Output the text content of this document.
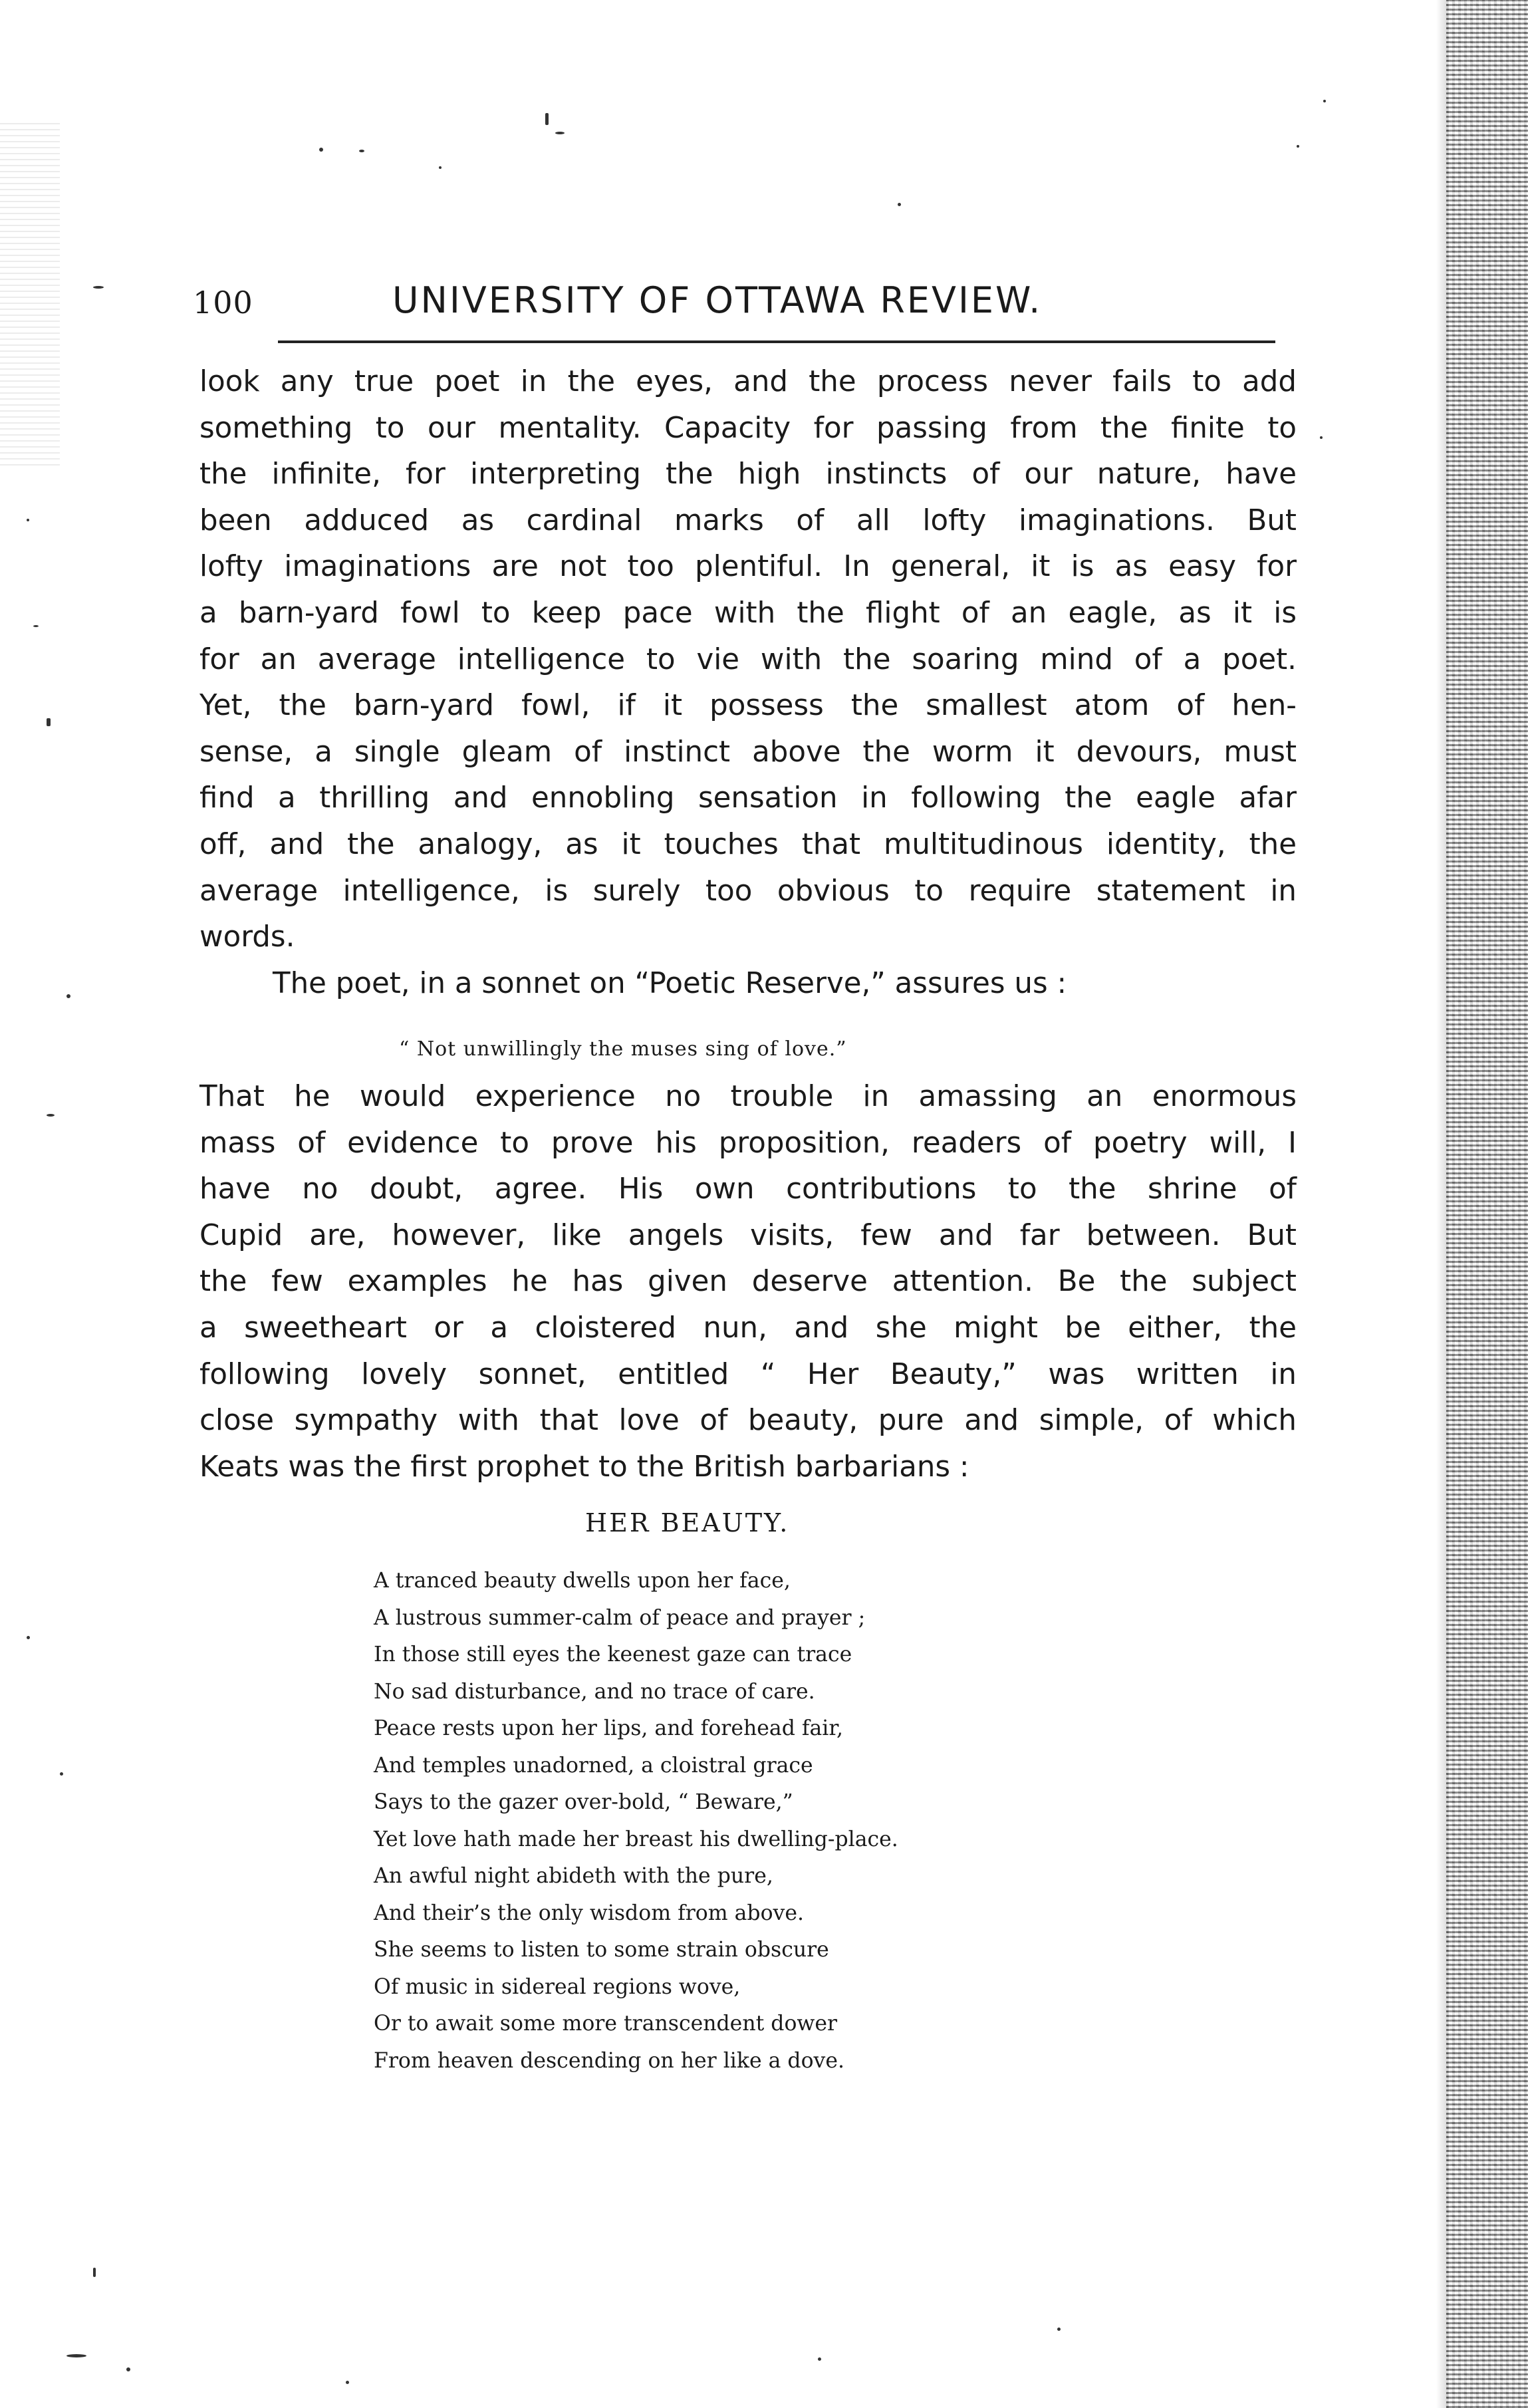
100	UNIVERSITY OF OTTAWA REVIEW.
look any true poet in the eyes, and the process never fails to add
something to our mentality. Capacity for passing from the finite to
the infinite, for interpreting the high instincts of our nature, have
been adduced as cardinal marks of all lofty imaginations. But
lofty imaginations are not too plentiful. In general, it is as easy for
a barn-yard fowl to keep pace with the flight of an eagle, as it is
for an average intelligence to vie with the soaring mind of a poet.
Yet, the barn-yard fowl, if it possess the smallest atom of hen-
sense, a single gleam of instinct above the worm it devours, must
find a thrilling and ennobling sensation in following the eagle afar
off, and the analogy, as it touches that multitudinous identity, the
average intelligence, is surely too obvious to require statement in
words.
The poet, in a sonnet on “Poetic Reserve,” assures us :
“ Not unwillingly the muses sing of love.”
That he would experience no trouble in amassing an enormous
mass of evidence to prove his proposition, readers of poetry will, I
have no doubt, agree. His own contributions to the shrine of
Cupid are, however, like angels visits, few and far between. But
the few examples he has given deserve attention. Be the subject
a sweetheart or a cloistered nun, and she might be either, the
following lovely sonnet, entitled “ Her Beauty,” was written in
close sympathy with that love of beauty, pure and simple, of which
Keats was the first prophet to the British barbarians :
HER BEAUTY.
A tranced beauty dwells upon her face,
A lustrous summer-calm of peace and prayer ;
In those still eyes the keenest gaze can trace
No sad disturbance, and no trace of care.
Peace rests upon her lips, and forehead fair,
And temples unadorned, a cloistral grace
Says to the gazer over-bold, “ Beware,”
Yet love hath made her breast his dwelling-place.
An awful night abideth with the pure,
And their’s the only wisdom from above.
She seems to listen to some strain obscure
Of music in sidereal regions wove,
Or to await some more transcendent dower
From heaven descending on her like a dove.
